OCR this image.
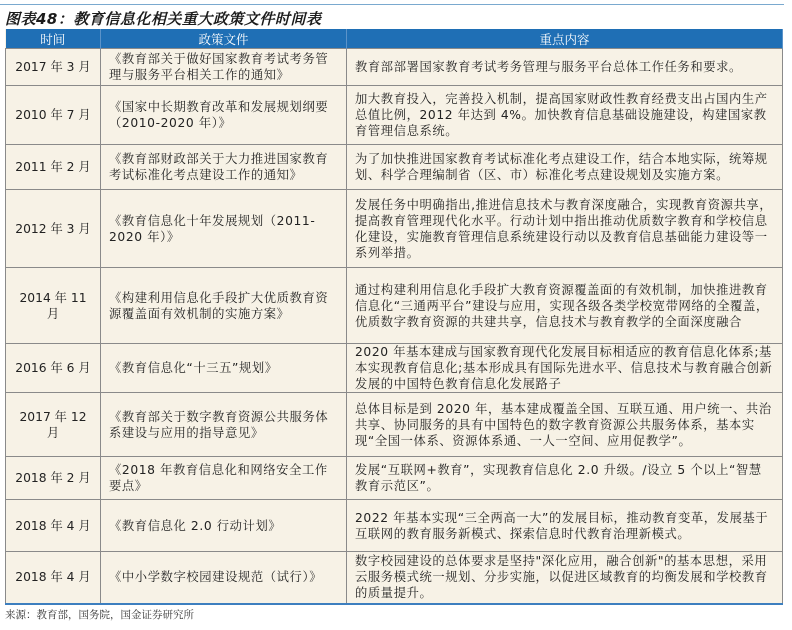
图表48：教育信息化相关重大政策文件时间表
时间	政策文件	重点内容
2017 年 3 月	《教育部关于做好国家教育考试考务管理与服务平台相关工作的通知》	教育部部署国家教育考试考务管理与服务平台总体工作任务和要求。
2010 年 7 月	《国家中长期教育改革和发展规划纲要（2010-2020 年）》	加大教育投入，完善投入机制，提高国家财政性教育经费支出占国内生产总值比例，2012 年达到 4%。加快教育信息基础设施建设，构建国家教育管理信息系统。
2011 年 2 月	《教育部财政部关于大力推进国家教育考试标准化考点建设工作的通知》	为了加快推进国家教育考试标准化考点建设工作，结合本地实际，统筹规划、科学合理编制省（区、市）标准化考点建设规划及实施方案。
2012 年 3 月	《教育信息化十年发展规划（2011-2020 年）》	发展任务中明确指出,推进信息技术与教育深度融合，实现教育资源共享，提高教育管理现代化水平。行动计划中指出推动优质数字教育和学校信息化建设，实施教育管理信息系统建设行动以及教育信息基础能力建设等一系列举措。
2014 年 11 月	《构建利用信息化手段扩大优质教育资源覆盖面有效机制的实施方案》	通过构建利用信息化手段扩大教育资源覆盖面的有效机制，加快推进教育信息化“三通两平台”建设与应用，实现各级各类学校宽带网络的全覆盖，优质数字教育资源的共建共享，信息技术与教育教学的全面深度融合
2016 年 6 月	《教育信息化“十三五”规划》	2020 年基本建成与国家教育现代化发展目标相适应的教育信息化体系;基本实现教育信息化;基本形成具有国际先进水平、信息技术与教育融合创新发展的中国特色教育信息化发展路子
2017 年 12 月	《教育部关于数字教育资源公共服务体系建设与应用的指导意见》	总体目标是到 2020 年，基本建成覆盖全国、互联互通、用户统一、共治共享、协同服务的具有中国特色的数字教育资源公共服务体系，基本实现“全国一体系、资源体系通、一人一空间、应用促教学”。
2018 年 2 月	《2018 年教育信息化和网络安全工作要点》	发展“互联网+教育”，实现教育信息化 2.0 升级。/设立 5 个以上“智慧教育示范区”。
2018 年 4 月	《教育信息化 2.0 行动计划》	2022 年基本实现“三全两高一大”的发展目标，推动教育变革，发展基于互联网的教育服务新模式、探索信息时代教育治理新模式。
2018 年 4 月	《中小学数字校园建设规范（试行）》	数字校园建设的总体要求是坚持"深化应用，融合创新"的基本思想，采用云服务模式统一规划、分步实施，以促进区域教育的均衡发展和学校教育的质量提升。
来源：教育部，国务院，国金证券研究所
